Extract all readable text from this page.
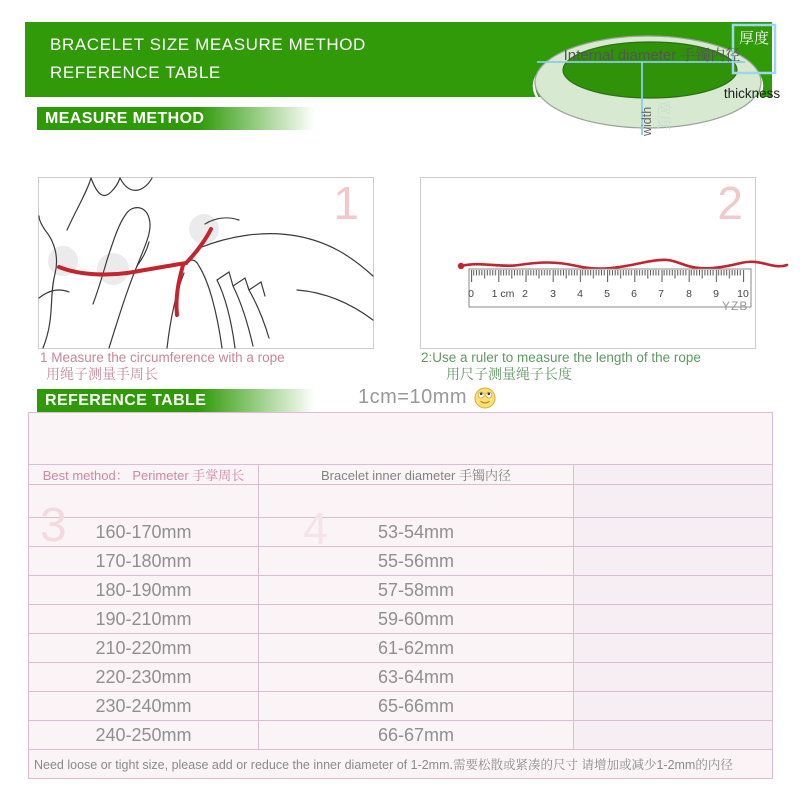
BRACELET SIZE MEASURE METHOD
REFERENCE TABLE
Internal diameter 手镯内径
厚度
thickness
width 宽度
MEASURE METHOD
1
0	1 cm 2	3	4	5	6	7	8	9	10
YZB
2
1 Measure the circumference with a rope
用绳子测量手周长
2:Use a ruler to measure the length of the rope
用尺子测量绳子长度
REFERENCE TABLE	1cm=10mm

Best method： Perimeter 手掌周长	Bracelet inner diameter 手镯内径	

160-170mm	53-54mm	
170-180mm	55-56mm	
180-190mm	57-58mm	
190-210mm	59-60mm	
210-220mm	61-62mm	
220-230mm	63-64mm	
230-240mm	65-66mm	
240-250mm	66-67mm	
Need loose or tight size, please add or reduce the inner diameter of 1-2mm.需要松散或紧凑的尺寸 请增加或减少1-2mm的内径		
3	4
